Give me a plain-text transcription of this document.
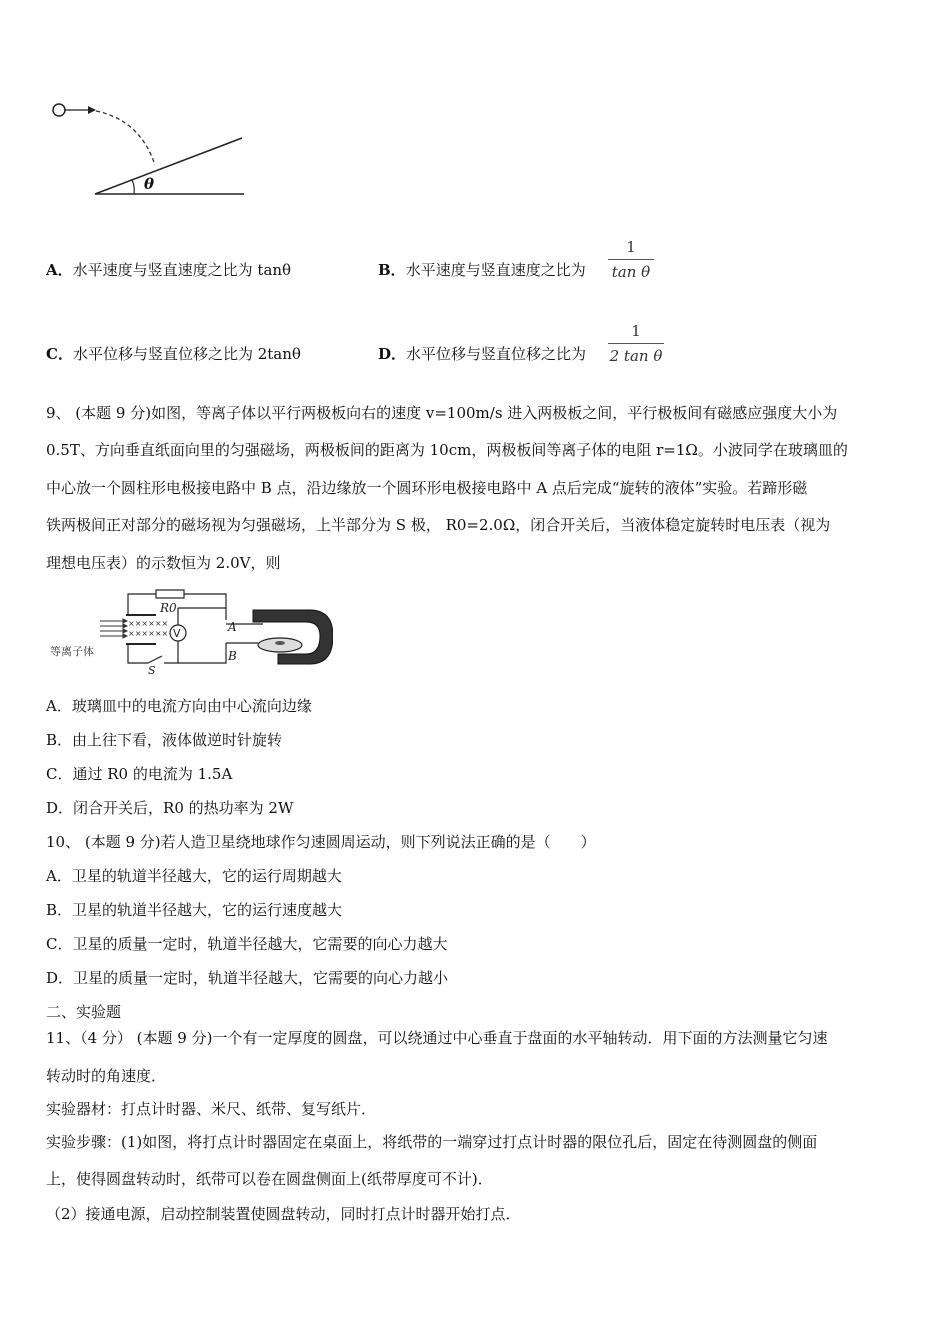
θ
A．水平速度与竖直速度之比为 tanθ	B．水平速度与竖直速度之比为
1
tan θ
C．水平位移与竖直位移之比为 2tanθ	D．水平位移与竖直位移之比为
1
2 tan θ
9、 (本题 9 分)如图，等离子体以平行两极板向右的速度 v=100m/s 进入两极板之间，平行极板间有磁感应强度大小为
0.5T、方向垂直纸面向里的匀强磁场，两极板间的距离为 10cm，两极板间等离子体的电阻 r=1Ω。小波同学在玻璃皿的
中心放一个圆柱形电极接电路中 B 点，沿边缘放一个圆环形电极接电路中 A 点后完成“旋转的液体”实验。若蹄形磁
铁两极间正对部分的磁场视为匀强磁场，上半部分为 S 极， R0=2.0Ω，闭合开关后，当液体稳定旋转时电压表（视为
理想电压表）的示数恒为 2.0V，则
××××××
××××××
R0
S
V	A
B
等离子体
A．玻璃皿中的电流方向由中心流向边缘
B．由上往下看，液体做逆时针旋转
C．通过 R0 的电流为 1.5A
D．闭合开关后，R0 的热功率为 2W
10、 (本题 9 分)若人造卫星绕地球作匀速圆周运动，则下列说法正确的是（　　）
A．卫星的轨道半径越大，它的运行周期越大
B．卫星的轨道半径越大，它的运行速度越大
C．卫星的质量一定时，轨道半径越大，它需要的向心力越大
D．卫星的质量一定时，轨道半径越大，它需要的向心力越小
二、实验题
11、（4 分） (本题 9 分)一个有一定厚度的圆盘，可以绕通过中心垂直于盘面的水平轴转动．用下面的方法测量它匀速
转动时的角速度．
实验器材：打点计时器、米尺、纸带、复写纸片．
实验步骤：(1)如图，将打点计时器固定在桌面上，将纸带的一端穿过打点计时器的限位孔后，固定在待测圆盘的侧面
上，使得圆盘转动时，纸带可以卷在圆盘侧面上(纸带厚度可不计)．
（2）接通电源，启动控制装置使圆盘转动，同时打点计时器开始打点．
